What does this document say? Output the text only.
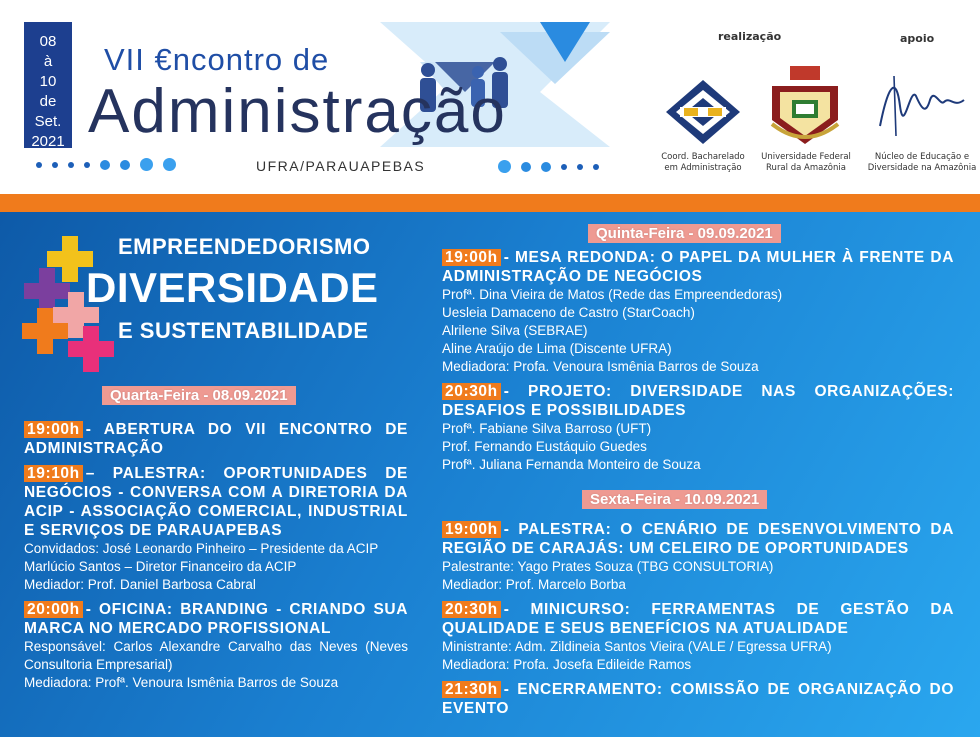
08
à
10
de
Set.
2021
VII €ncontro de
Administração
UFRA/PARAUAPEBAS
realização	apoio
Coord. Bacharelado
em Administração
Universidade Federal
Rural da Amazônia
Núcleo de Educação e
Diversidade na Amazônia
EMPREENDEDORISMO
DIVERSIDADE
E SUSTENTABILIDADE
Quarta-Feira - 08.09.2021
19:00h - ABERTURA DO VII ENCONTRO DE ADMINISTRAÇÃO
19:10h – PALESTRA: OPORTUNIDADES DE NEGÓCIOS - CONVERSA COM A DIRETORIA DA ACIP - ASSOCIAÇÃO COMERCIAL, INDUSTRIAL E SERVIÇOS DE PARAUAPEBAS
Convidados: José Leonardo Pinheiro – Presidente da ACIP
Marlúcio Santos – Diretor Financeiro da ACIP
Mediador: Prof. Daniel Barbosa Cabral
20:00h - OFICINA: BRANDING - CRIANDO SUA MARCA NO MERCADO PROFISSIONAL
Responsável: Carlos Alexandre Carvalho das Neves (Neves Consultoria Empresarial)
Mediadora: Profª. Venoura Ismênia Barros de Souza
Quinta-Feira - 09.09.2021
19:00h - MESA REDONDA: O PAPEL DA MULHER À FRENTE DA ADMINISTRAÇÃO DE NEGÓCIOS
Profª. Dina Vieira de Matos (Rede das Empreendedoras)
Uesleia Damaceno de Castro (StarCoach)
Alrilene Silva (SEBRAE)
Aline Araújo de Lima (Discente UFRA)
Mediadora: Profa. Venoura Ismênia Barros de Souza
20:30h - PROJETO: DIVERSIDADE NAS ORGANIZAÇÕES: DESAFIOS E POSSIBILIDADES
Profª. Fabiane Silva Barroso (UFT)
Prof. Fernando Eustáquio Guedes
Profª. Juliana Fernanda Monteiro de Souza
Sexta-Feira - 10.09.2021
19:00h - PALESTRA: O CENÁRIO DE DESENVOLVIMENTO DA REGIÃO DE CARAJÁS: UM CELEIRO DE OPORTUNIDADES
Palestrante: Yago Prates Souza (TBG CONSULTORIA)
Mediador: Prof. Marcelo Borba
20:30h - MINICURSO: FERRAMENTAS DE GESTÃO DA QUALIDADE E SEUS BENEFÍCIOS NA ATUALIDADE
Ministrante: Adm. Zildineia Santos Vieira (VALE / Egressa UFRA)
Mediadora: Profa. Josefa Edileide Ramos
21:30h - ENCERRAMENTO: COMISSÃO DE ORGANIZAÇÃO DO EVENTO
